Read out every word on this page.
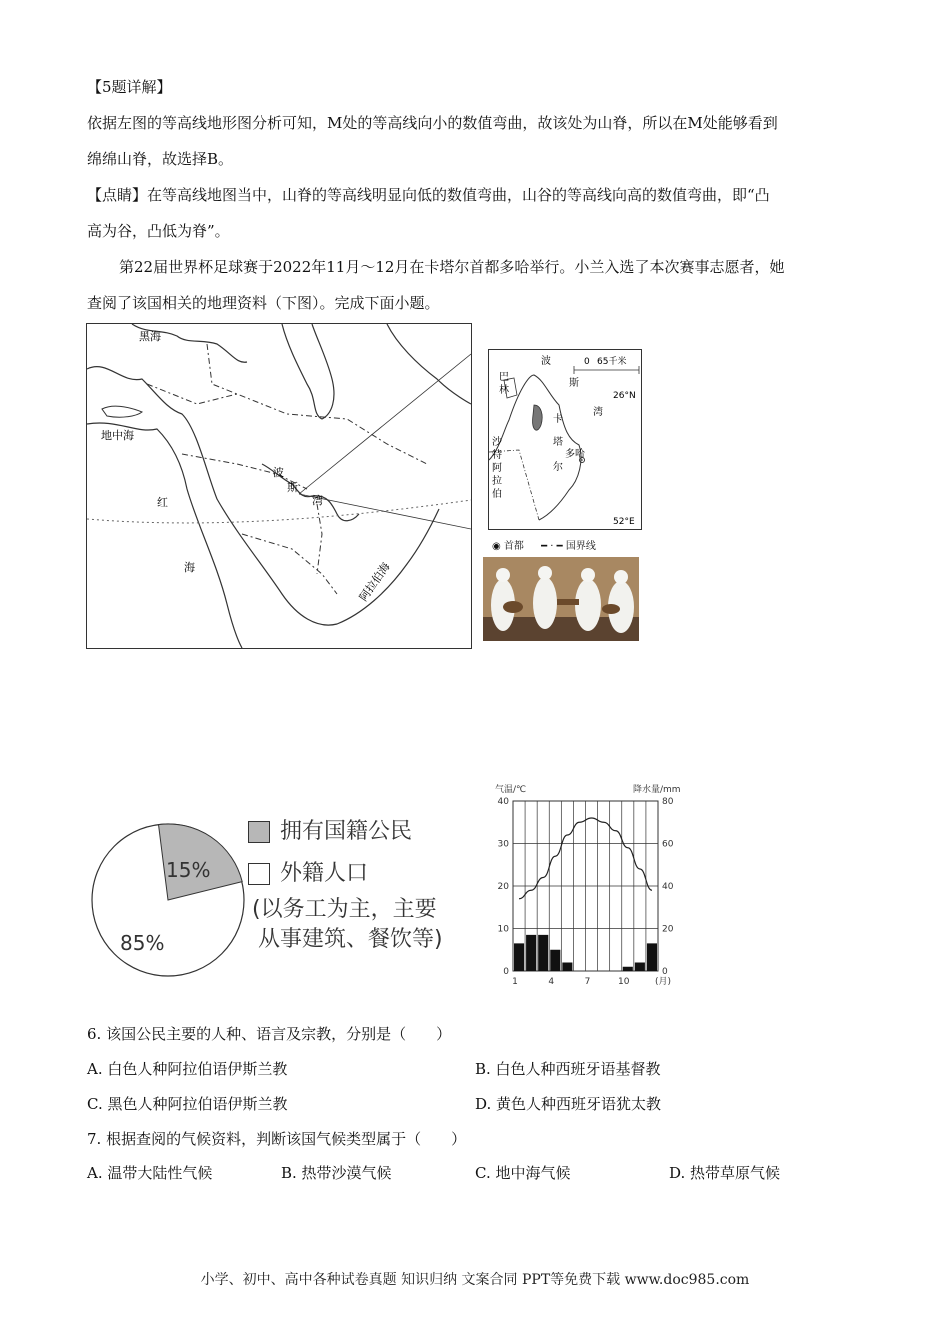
【5题详解】
依据左图的等高线地形图分析可知，M处的等高线向小的数值弯曲，故该处为山脊，所以在M处能够看到
绵绵山脊，故选择B。
【点睛】在等高线地图当中，山脊的等高线明显向低的数值弯曲，山谷的等高线向高的数值弯曲，即“凸
高为谷，凸低为脊”。
第22届世界杯足球赛于2022年11月～12月在卡塔尔首都多哈举行。小兰入选了本次赛事志愿者，她
查阅了该国相关的地理资料（下图）。完成下面小题。
黑海
地中海
红
海
波
斯
湾
阿拉伯海
波
斯
湾
巴
林
卡
塔
尔
多哈
沙
特
阿
拉
伯
0 65千米
26°N
52°E
◉ 首都 ━ · ━ 国界线
15%
85%
拥有国籍公民
外籍人口
(以务工为主，主要
从事建筑、餐饮等)
0
10
20
30
40
0
20
40
60
80
1	4	7	10
气温/℃	降水量/mm
(月)
6. 该国公民主要的人种、语言及宗教，分别是（　　）
A. 白色人种阿拉伯语伊斯兰教	B. 白色人种西班牙语基督教
C. 黑色人种阿拉伯语伊斯兰教	D. 黄色人种西班牙语犹太教
7. 根据查阅的气候资料，判断该国气候类型属于（　　）
A. 温带大陆性气候	B. 热带沙漠气候	C. 地中海气候	D. 热带草原气候
小学、初中、高中各种试卷真题 知识归纳 文案合同 PPT等免费下载 www.doc985.com
